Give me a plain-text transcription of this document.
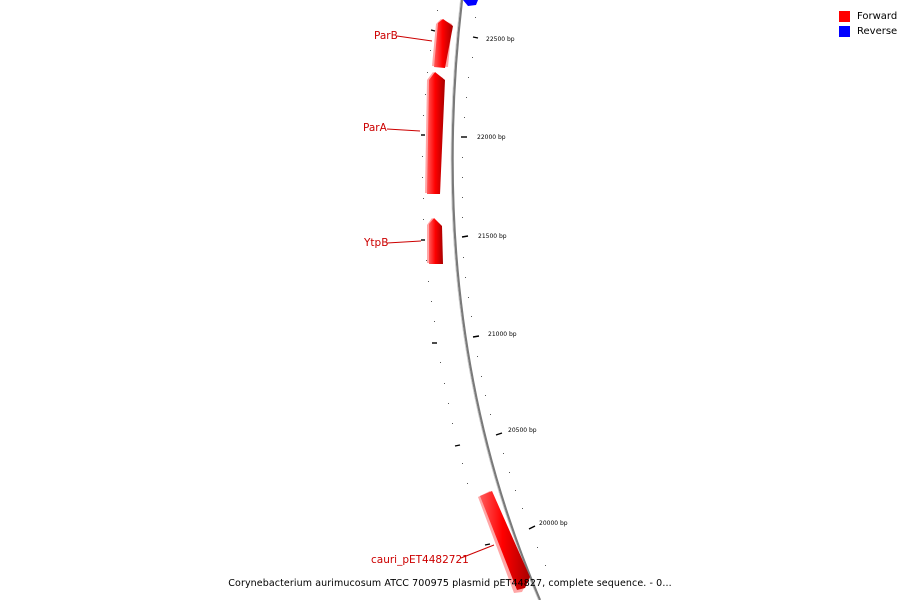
22500 bp
22000 bp
21500 bp
21000 bp
20500 bp
20000 bp
ParB
ParA
YtpB
cauri_pET4482721
Forward
Reverse
Corynebacterium aurimucosum ATCC 700975 plasmid pET44827, complete sequence. - 0...
